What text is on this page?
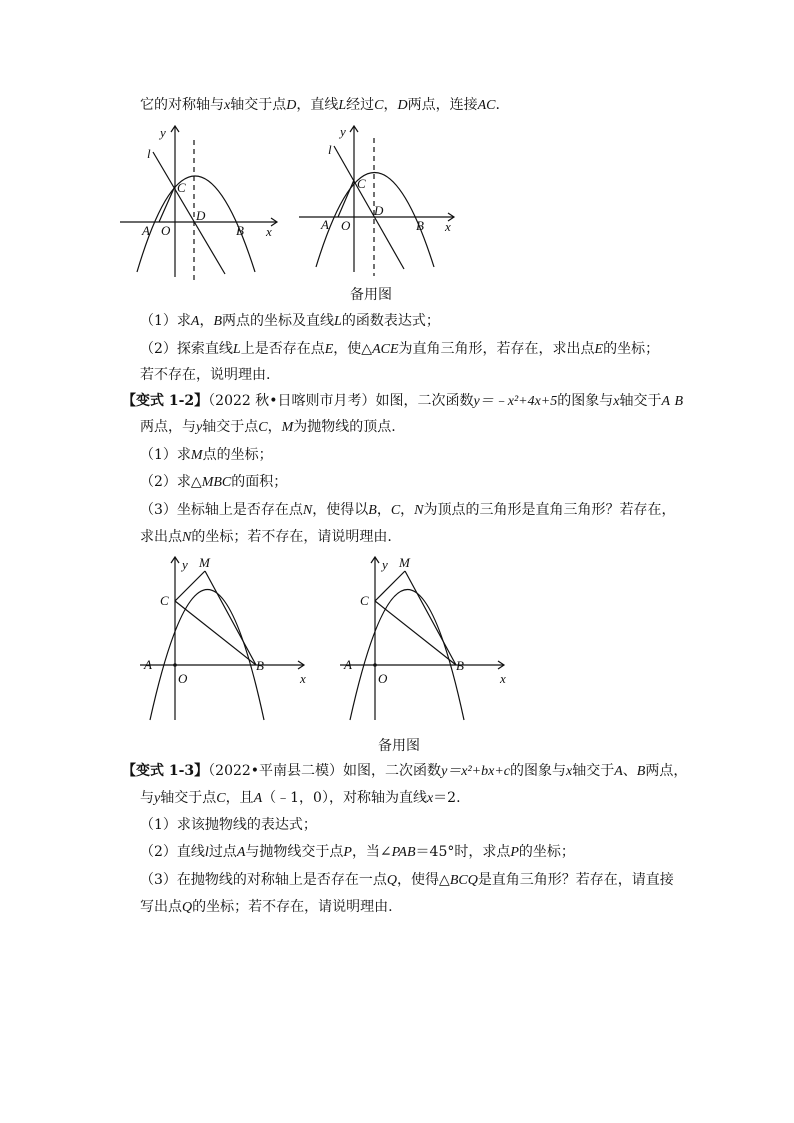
它的对称轴与x轴交于点D，直线L经过C，D两点，连接AC.
y
l
C
D
A O	B x
y
l
C
D
A O	B x
备用图
（1）求A，B两点的坐标及直线L的函数表达式；
（2）探索直线L上是否存在点E，使△ACE为直角三角形，若存在，求出点E的坐标；
若不存在，说明理由.
【变式 1-2】（2022 秋•日喀则市月考）如图，二次函数y＝﹣x²+4x+5的图象与x轴交于A B
两点，与y轴交于点C，M为抛物线的顶点.
（1）求M点的坐标；
（2）求△MBC的面积；
（3）坐标轴上是否存在点N，使得以B，C，N为顶点的三角形是直角三角形？若存在，
求出点N的坐标；若不存在，请说明理由.
y M
C
A
O
B
x
y M
C
A
O
B
x
备用图
【变式 1-3】（2022•平南县二模）如图，二次函数y＝x²+bx+c的图象与x轴交于A、B两点，
与y轴交于点C，且A（﹣1，0），对称轴为直线x＝2.
（1）求该抛物线的表达式；
（2）直线l过点A与抛物线交于点P，当∠PAB＝45°时，求点P的坐标；
（3）在抛物线的对称轴上是否存在一点Q，使得△BCQ是直角三角形？若存在，请直接
写出点Q的坐标；若不存在，请说明理由.
